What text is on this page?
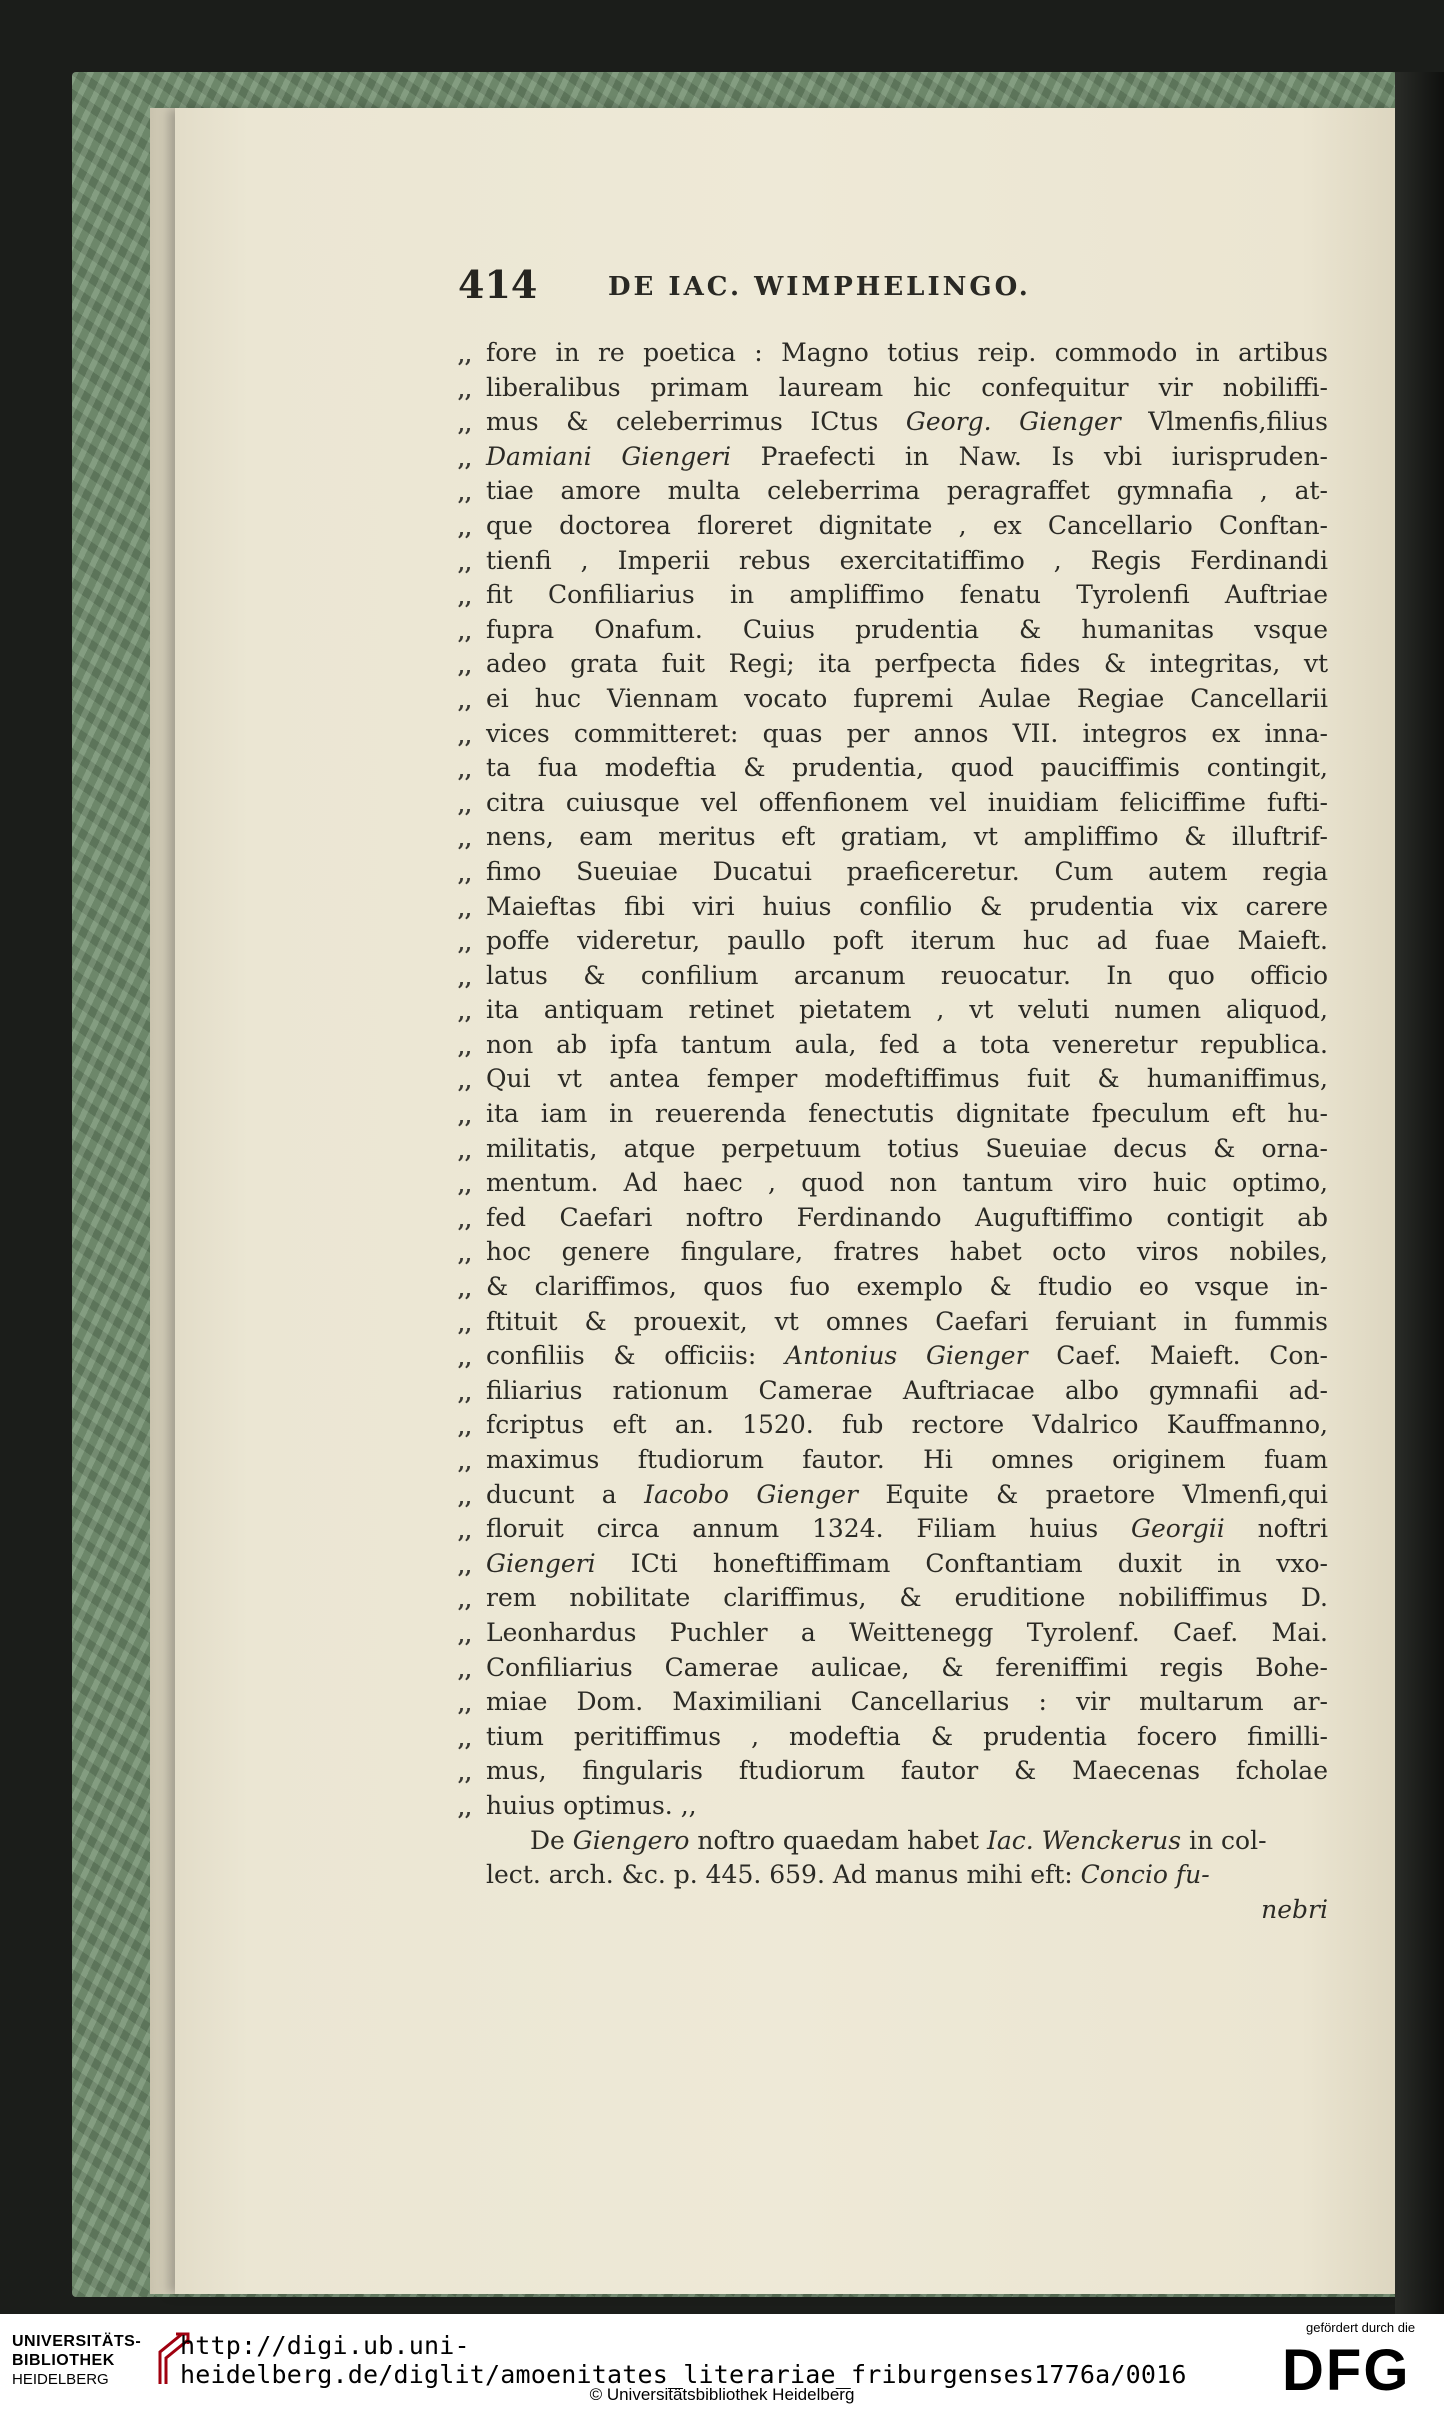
414	DE IAC. WIMPHELINGO.
,, fore in re poetica : Magno totius reip. commodo in artibus
,, liberalibus primam lauream hic confequitur vir nobiliffi-
,, mus & celeberrimus ICtus Georg. Gienger Vlmenfis,filius
,, Damiani Giengeri Praefecti in Naw. Is vbi iurispruden-
,, tiae amore multa celeberrima peragraffet gymnafia , at-
,, que doctorea floreret dignitate , ex Cancellario Conftan-
,, tienfi , Imperii rebus exercitatiffimo , Regis Ferdinandi
,, fit Confiliarius in ampliffimo fenatu Tyrolenfi Auftriae
,, fupra Onafum. Cuius prudentia & humanitas vsque
,, adeo grata fuit Regi; ita perfpecta fides & integritas, vt
,, ei huc Viennam vocato fupremi Aulae Regiae Cancellarii
,, vices committeret: quas per annos VII. integros ex inna-
,, ta fua modeftia & prudentia, quod pauciffimis contingit,
,, citra cuiusque vel offenfionem vel inuidiam feliciffime fufti-
,, nens, eam meritus eft gratiam, vt ampliffimo & illuftrif-
,, fimo Sueuiae Ducatui praeficeretur. Cum autem regia
,, Maieftas fibi viri huius confilio & prudentia vix carere
,, poffe videretur, paullo poft iterum huc ad fuae Maieft.
,, latus & confilium arcanum reuocatur. In quo officio
,, ita antiquam retinet pietatem , vt veluti numen aliquod,
,, non ab ipfa tantum aula, fed a tota veneretur republica.
,, Qui vt antea femper modeftiffimus fuit & humaniffimus,
,, ita iam in reuerenda fenectutis dignitate fpeculum eft hu-
,, militatis, atque perpetuum totius Sueuiae decus & orna-
,, mentum. Ad haec , quod non tantum viro huic optimo,
,, fed Caefari noftro Ferdinando Auguftiffimo contigit ab
,, hoc genere fingulare, fratres habet octo viros nobiles,
,, & clariffimos, quos fuo exemplo & ftudio eo vsque in-
,, ftituit & prouexit, vt omnes Caefari feruiant in fummis
,, confiliis & officiis: Antonius Gienger Caef. Maieft. Con-
,, filiarius rationum Camerae Auftriacae albo gymnafii ad-
,, fcriptus eft an. 1520. fub rectore Vdalrico Kauffmanno,
,, maximus ftudiorum fautor. Hi omnes originem fuam
,, ducunt a Iacobo Gienger Equite & praetore Vlmenfi,qui
,, floruit circa annum 1324. Filiam huius Georgii noftri
,, Giengeri ICti honeftiffimam Conftantiam duxit in vxo-
,, rem nobilitate clariffimus, & eruditione nobiliffimus D.
,, Leonhardus Puchler a Weittenegg Tyrolenf. Caef. Mai.
,, Confiliarius Camerae aulicae, & fereniffimi regis Bohe-
,, miae Dom. Maximiliani Cancellarius : vir multarum ar-
,, tium peritiffimus , modeftia & prudentia focero fimilli-
,, mus, fingularis ftudiorum fautor & Maecenas fcholae
,, huius optimus. ,,
De Giengero noftro quaedam habet Iac. Wenckerus in col-
lect. arch. &c. p. 445. 659. Ad manus mihi eft: Concio fu-
nebri
UNIVERSITÄTS-
BIBLIOTHEK
HEIDELBERG
http://digi.ub.uni-heidelberg.de/diglit/amoenitates_literariae_friburgenses1776a/0016
© Universitätsbibliothek Heidelberg
gefördert durch die
DFG
